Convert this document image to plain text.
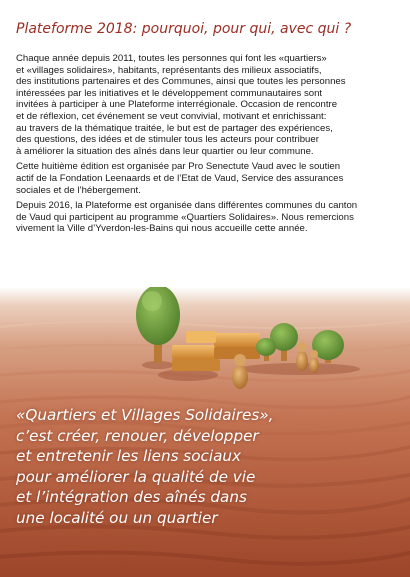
Plateforme 2018: pourquoi, pour qui, avec qui ?

Chaque année depuis 2011, toutes les personnes qui font les «quartiers»
et «villages solidaires», habitants, représentants des milieux associatifs,
des institutions partenaires et des Communes, ainsi que toutes les personnes
intéressées par les initiatives et le développement communautaires sont
invitées à participer à une Plateforme interrégionale. Occasion de rencontre
et de réflexion, cet événement se veut convivial, motivant et enrichissant:
au travers de la thématique traitée, le but est de partager des expériences,
des questions, des idées et de stimuler tous les acteurs pour contribuer
à améliorer la situation des aînés dans leur quartier ou leur commune.

Cette huitième édition est organisée par Pro Senectute Vaud avec le soutien
actif de la Fondation Leenaards et de l’Etat de Vaud, Service des assurances
sociales et de l’hébergement.

Depuis 2016, la Plateforme est organisée dans différentes communes du canton
de Vaud qui participent au programme «Quartiers Solidaires». Nous remercions
vivement la Ville d’Yverdon-les-Bains qui nous accueille cette année.

«Quartiers et Villages Solidaires»,
c’est créer, renouer, développer
et entretenir les liens sociaux
pour améliorer la qualité de vie
et l’intégration des aînés dans
une localité ou un quartier
